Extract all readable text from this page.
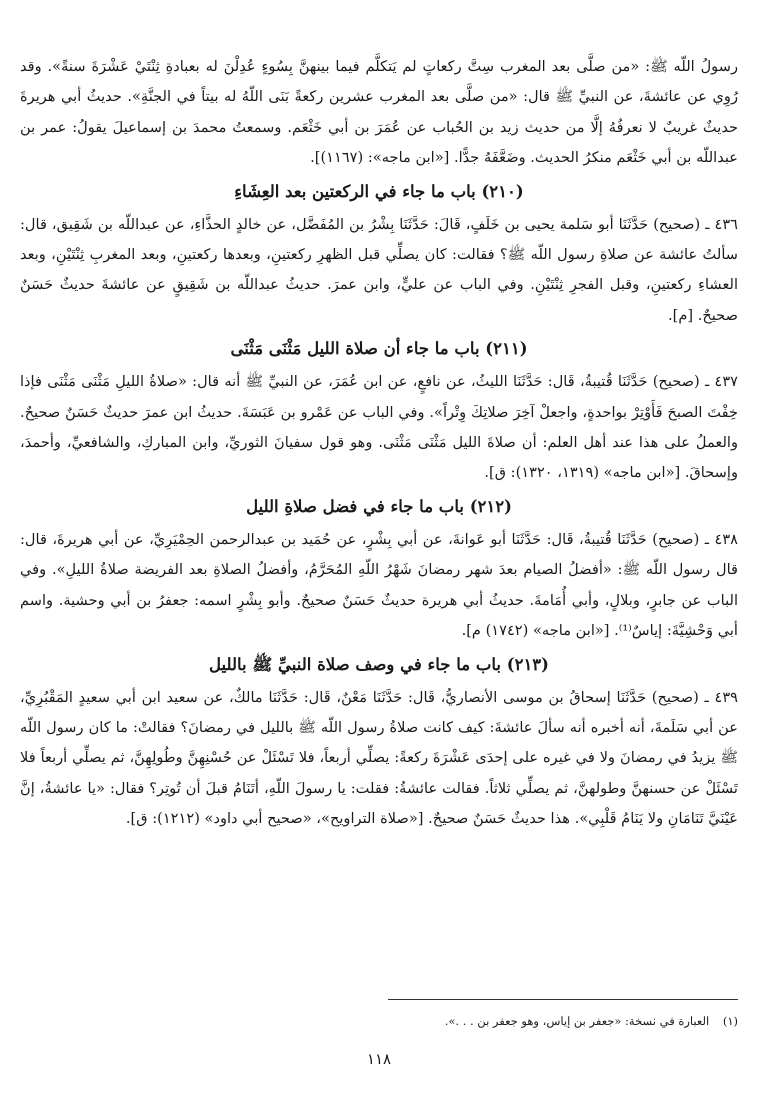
رسولُ اللّه ﷺ: «من صلَّى بعد المغرب سِتَّ ركعاتٍ لم يَتكلَّم فيما بينهنَّ بِسُوءٍ عُدِلْنَ له بعبادةِ ثِنْتَيْ عَشْرَةَ سنةً». وقد رُوِي عن عائشةَ، عن النبيِّ ﷺ قال: «من صلَّى بعد المغرب عشرين ركعةً بَنَى اللّهُ له بيتاً في الجنَّةِ». حديثُ أبي هريرةَ حديثٌ غريبٌ لا نعرفُهُ إلَّا من حديث زيد بن الحُباب عن عُمَرَ بن أبي خَثْعَم. وسمعتُ محمدَ بن إسماعيلَ يقولُ: عمر بن عبداللّه بن أبي خَثْعَم منكرُ الحديث. وضَعَّفَهُ جدًّا. [«ابن ماجه»: (١١٦٧)].

(٢١٠) باب ما جاء في الركعتين بعد العِشَاءِ

٤٣٦ ـ (صحيح) حَدَّثَنَا أبو سَلمة يحيى بن خَلَفٍ، قَالَ: حَدَّثَنَا بِشْرُ بن المُفَضَّل، عن خالدٍ الحذَّاءِ، عن عبداللّه بن شَقِيق، قال: سألتُ عائشة عن صلاةِ رسول اللّه ﷺ؟ فقالت: كان يصلِّي قبل الظهرِ ركعتينِ، وبعدها ركعتينِ، وبعد المغربِ ثِنْتَيْنِ، وبعد العشاءِ ركعتينِ، وقبل الفجرِ ثِنْتَيْنِ. وفي الباب عن عليٍّ، وابن عمرَ. حديثُ عبداللّه بن شَقِيقٍ عن عائشةَ حديثٌ حَسَنٌ صحيحٌ. [م].

(٢١١) باب ما جاء أن صلاة الليل مَثْنَى مَثْنَى

٤٣٧ ـ (صحيح) حَدَّثَنَا قُتيبةُ، قَال: حَدَّثَنَا الليثُ، عن نافعٍ، عن ابن عُمَرَ، عن النبيِّ ﷺ أنه قال: «صلاةُ الليلِ مَثْنَى مَثْنَى فإذا خِفْتَ الصبحَ فَأَوْتِرْ بواحدةٍ، واجعلْ آخِرَ صلاتِكَ وِتْراً». وفي الباب عن عَمْرو بن عَبَسَةَ. حديثُ ابن عمرَ حديثٌ حَسَنٌ صحيحٌ. والعملُ على هذا عند أهل العلم: أن صلاةَ الليل مَثْنَى مَثْنَى. وهو قول سفيانَ الثوريِّ، وابن المباركِ، والشافعيِّ، وأحمدَ، وإسحاقَ. [«ابن ماجه» (١٣١٩، ١٣٢٠): ق].

(٢١٢) باب ما جاء في فضل صلاةِ الليل

٤٣٨ ـ (صحيح) حَدَّثَنَا قُتيبةُ، قَال: حَدَّثَنَا أبو عَوانةَ، عن أبي بِشْرٍ، عن حُمَيد بن عبدالرحمن الحِمْيَرِيِّ، عن أبي هريرةَ، قال: قال رسول اللّه ﷺ: «أفضلُ الصيام بعدَ شهر رمضانَ شَهْرُ اللّهِ المُحَرَّمُ، وأفضلُ الصلاةِ بعد الفريضة صلاةُ الليلِ». وفي الباب عن جابرٍ، وبلالٍ، وأبي أُمَامةَ. حديثُ أبي هريرة حديثٌ حَسَنٌ صحيحٌ. وأبو بِشْرٍ اسمه: جعفرُ بن أبي وحشية. واسم أبي وَحْشِيَّةَ: إياسٌ⁽¹⁾. [«ابن ماجه» (١٧٤٢) م].

(٢١٣) باب ما جاء في وصف صلاة النبيِّ ﷺ بالليل

٤٣٩ ـ (صحيح) حَدَّثَنَا إسحاقُ بن موسى الأنصاريُّ، قَال: حَدَّثَنَا مَعْنٌ، قَال: حَدَّثَنَا مالكٌ، عن سعيد ابن أبي سعيدٍ المَقْبُرِيِّ، عن أبي سَلَمةَ، أنه أخبره أنه سألَ عائشةَ: كيف كانت صلاةُ رسول اللّه ﷺ بالليل في رمضانَ؟ فقالتْ: ما كان رسول اللّه ﷺ يزيدُ في رمضانَ ولا في غيره على إحدَى عَشْرَةَ ركعةً: يصلِّي أربعاً، فلا تَسْئَلْ عن حُسْنِهِنَّ وطُولِهِنَّ، ثم يصلِّي أربعاً فلا تَسْئَلْ عن حسنهنَّ وطولهنَّ، ثم يصلِّي ثلاثاً. فقالت عائشةُ: فقلت: يا رسولَ اللّهِ، أتَنَامُ قبلَ أن تُوتِر؟ فقال: «يا عائشةُ، إنَّ عَيْنَيَّ تَنَامَانِ ولا يَنَامُ قَلْبِي». هذا حديثٌ حَسَنٌ صحيحٌ. [«صلاة التراويح»، «صحيح أبي داود» (١٢١٢): ق].

(١) العبارة في نسخة: «جعفر بن إياس، وهو جعفر بن . . .».
١١٨
